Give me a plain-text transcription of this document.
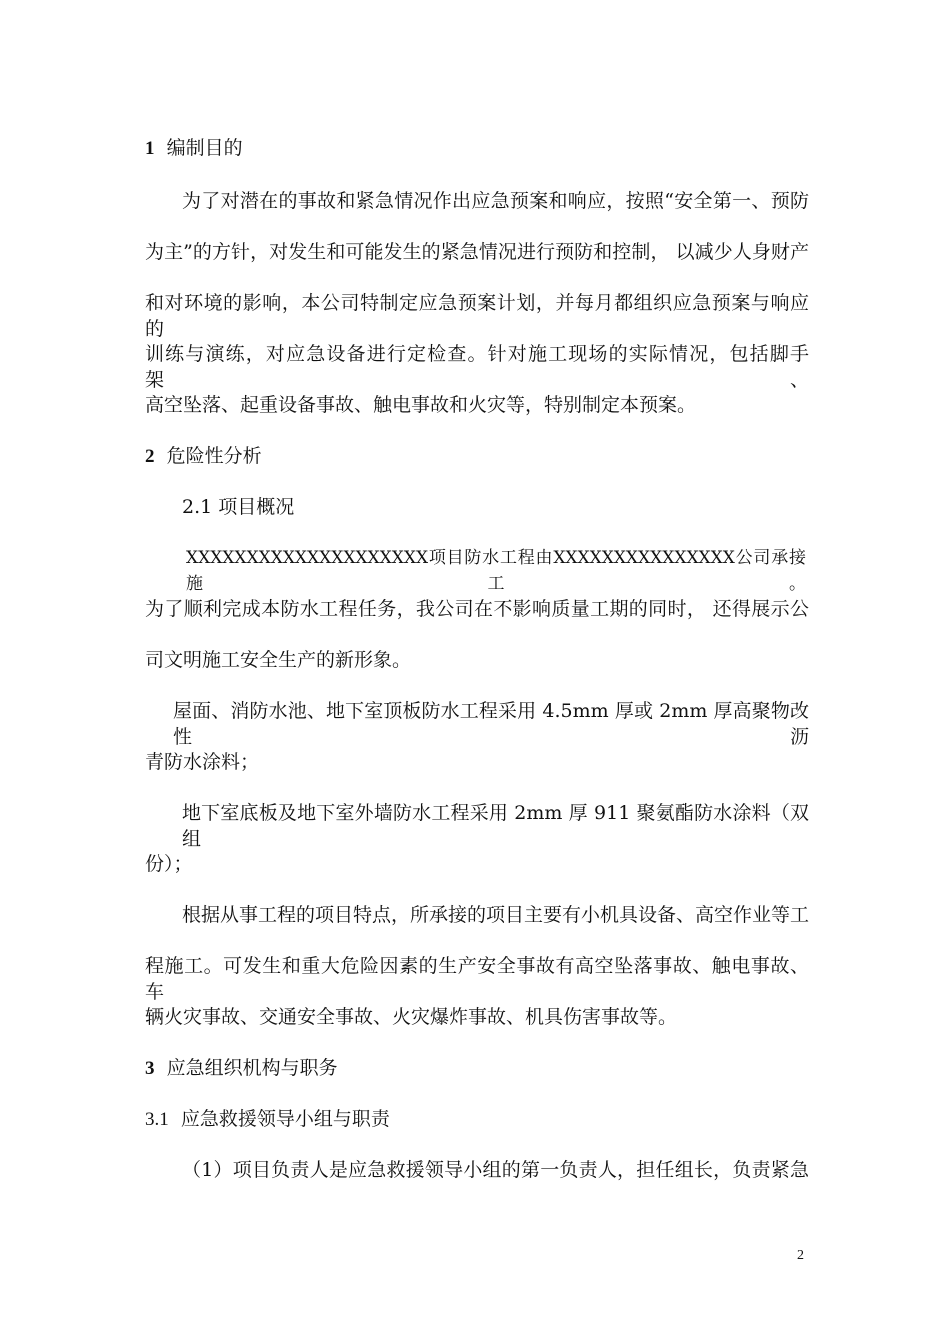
1 编制目的
为了对潜在的事故和紧急情况作出应急预案和响应，按照“安全第一、预防
为主”的方针，对发生和可能发生的紧急情况进行预防和控制， 以减少人身财产
和对环境的影响，本公司特制定应急预案计划，并每月都组织应急预案与响应的
训练与演练，对应急设备进行定检查。针对施工现场的实际情况，包括脚手架、
高空坠落、起重设备事故、触电事故和火灾等，特别制定本预案。
2 危险性分析
2.1 项目概况
XXXXXXXXXXXXXXXXXXXX项目防水工程由XXXXXXXXXXXXXXX公司承接施工。
为了顺利完成本防水工程任务，我公司在不影响质量工期的同时， 还得展示公
司文明施工安全生产的新形象。
屋面、消防水池、地下室顶板防水工程采用 4.5mm 厚或 2mm 厚高聚物改性沥
青防水涂料；
地下室底板及地下室外墙防水工程采用 2mm 厚 911 聚氨酯防水涂料（双组
份）；
根据从事工程的项目特点，所承接的项目主要有小机具设备、高空作业等工
程施工。可发生和重大危险因素的生产安全事故有高空坠落事故、触电事故、车
辆火灾事故、交通安全事故、火灾爆炸事故、机具伤害事故等。
3 应急组织机构与职务
3.1 应急救援领导小组与职责
（1）项目负责人是应急救援领导小组的第一负责人，担任组长，负责紧急
2
